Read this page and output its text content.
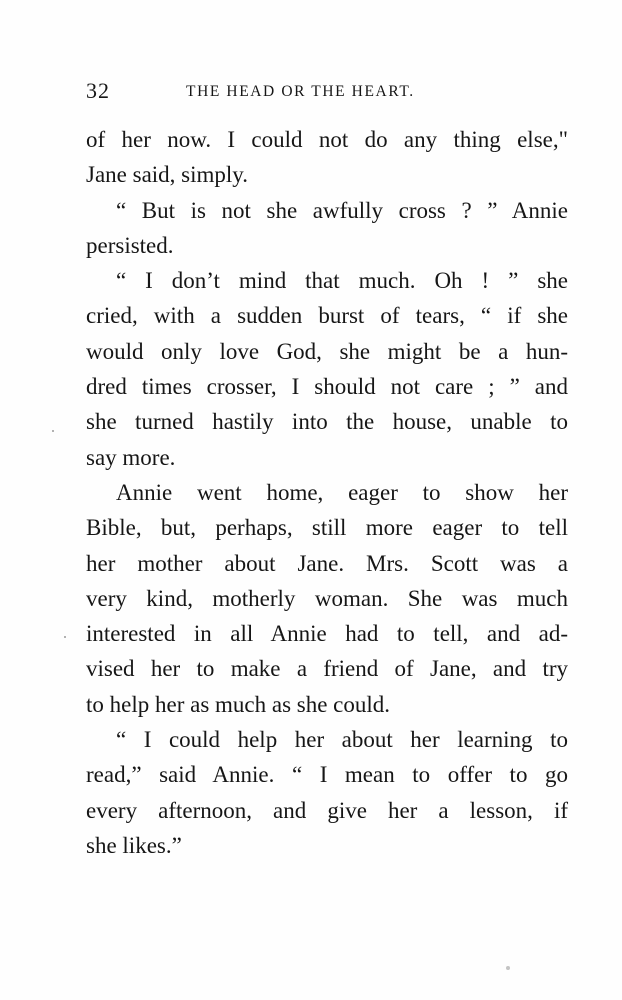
32	THE HEAD OR THE HEART.
of her now. I could not do any thing else,"
Jane said, simply.
“ But is not she awfully cross ? ” Annie
persisted.
“ I don’t mind that much. Oh ! ” she
cried, with a sudden burst of tears, “ if she
would only love God, she might be a hun-
dred times crosser, I should not care ; ” and
she turned hastily into the house, unable to
say more.
Annie went home, eager to show her
Bible, but, perhaps, still more eager to tell
her mother about Jane. Mrs. Scott was a
very kind, motherly woman. She was much
interested in all Annie had to tell, and ad-
vised her to make a friend of Jane, and try
to help her as much as she could.
“ I could help her about her learning to
read,” said Annie. “ I mean to offer to go
every afternoon, and give her a lesson, if
she likes.”
